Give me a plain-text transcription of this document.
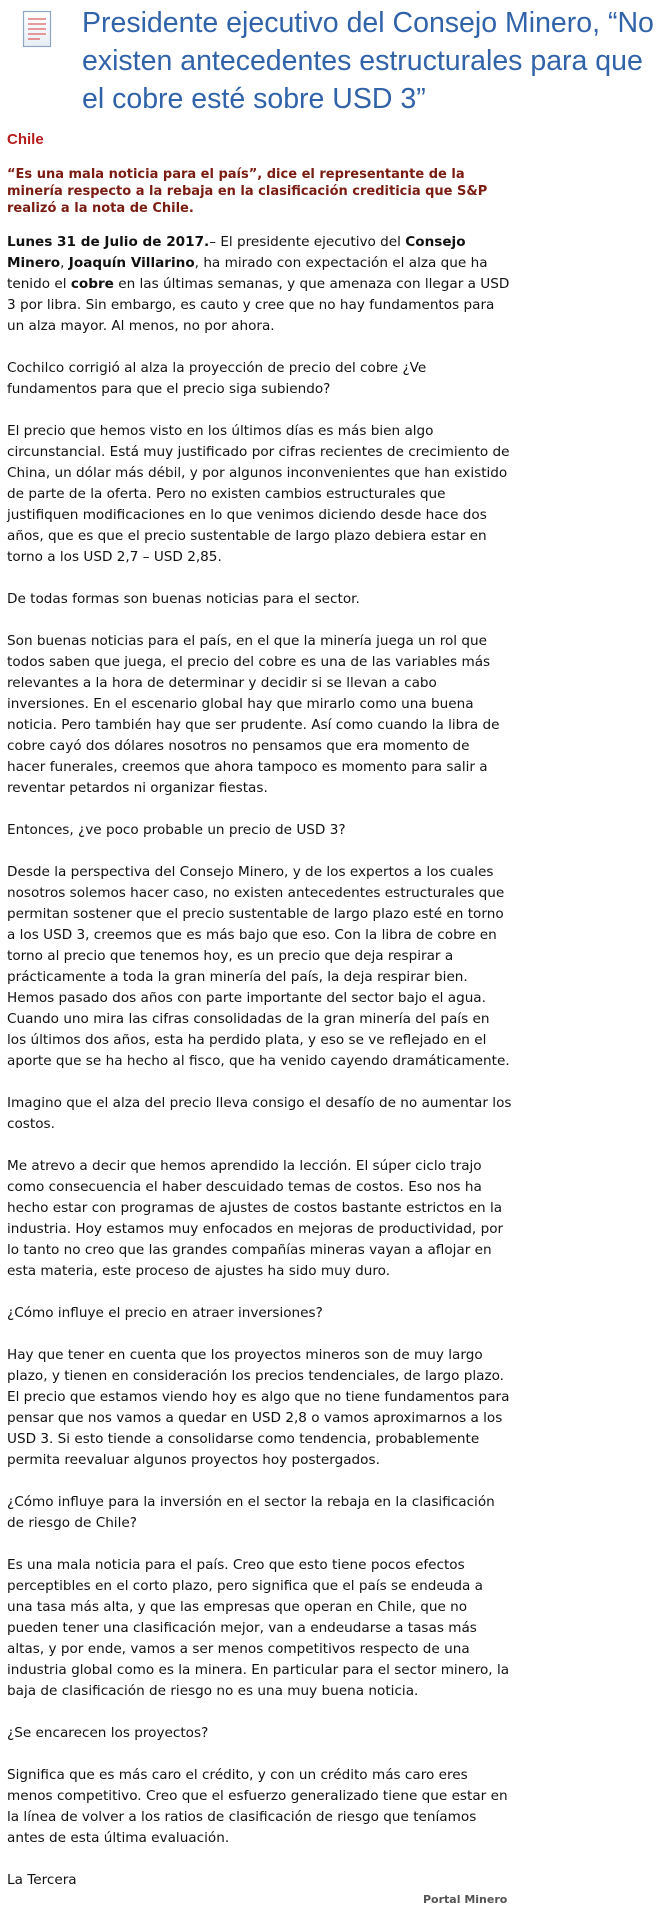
Presidente ejecutivo del Consejo Minero, “No existen antecedentes estructurales para que el cobre esté sobre USD 3”
Chile

“Es una mala noticia para el país”, dice el representante de la minería respecto a la rebaja en la clasificación crediticia que S&P realizó a la nota de Chile.

Lunes 31 de Julio de 2017.– El presidente ejecutivo del Consejo Minero, Joaquín Villarino, ha mirado con expectación el alza que ha tenido el cobre en las últimas semanas, y que amenaza con llegar a USD 3 por libra. Sin embargo, es cauto y cree que no hay fundamentos para un alza mayor. Al menos, no por ahora.

Cochilco corrigió al alza la proyección de precio del cobre ¿Ve fundamentos para que el precio siga subiendo?

El precio que hemos visto en los últimos días es más bien algo circunstancial. Está muy justificado por cifras recientes de crecimiento de China, un dólar más débil, y por algunos inconvenientes que han existido de parte de la oferta. Pero no existen cambios estructurales que justifiquen modificaciones en lo que venimos diciendo desde hace dos años, que es que el precio sustentable de largo plazo debiera estar en torno a los USD 2,7 – USD 2,85.

De todas formas son buenas noticias para el sector.

Son buenas noticias para el país, en el que la minería juega un rol que todos saben que juega, el precio del cobre es una de las variables más relevantes a la hora de determinar y decidir si se llevan a cabo inversiones. En el escenario global hay que mirarlo como una buena noticia. Pero también hay que ser prudente. Así como cuando la libra de cobre cayó dos dólares nosotros no pensamos que era momento de hacer funerales, creemos que ahora tampoco es momento para salir a reventar petardos ni organizar fiestas.

Entonces, ¿ve poco probable un precio de USD 3?

Desde la perspectiva del Consejo Minero, y de los expertos a los cuales nosotros solemos hacer caso, no existen antecedentes estructurales que permitan sostener que el precio sustentable de largo plazo esté en torno a los USD 3, creemos que es más bajo que eso. Con la libra de cobre en torno al precio que tenemos hoy, es un precio que deja respirar a prácticamente a toda la gran minería del país, la deja respirar bien. Hemos pasado dos años con parte importante del sector bajo el agua. Cuando uno mira las cifras consolidadas de la gran minería del país en los últimos dos años, esta ha perdido plata, y eso se ve reflejado en el aporte que se ha hecho al fisco, que ha venido cayendo dramáticamente.

Imagino que el alza del precio lleva consigo el desafío de no aumentar los costos.

Me atrevo a decir que hemos aprendido la lección. El súper ciclo trajo como consecuencia el haber descuidado temas de costos. Eso nos ha hecho estar con programas de ajustes de costos bastante estrictos en la industria. Hoy estamos muy enfocados en mejoras de productividad, por lo tanto no creo que las grandes compañías mineras vayan a aflojar en esta materia, este proceso de ajustes ha sido muy duro.

¿Cómo influye el precio en atraer inversiones?

Hay que tener en cuenta que los proyectos mineros son de muy largo plazo, y tienen en consideración los precios tendenciales, de largo plazo. El precio que estamos viendo hoy es algo que no tiene fundamentos para pensar que nos vamos a quedar en USD 2,8 o vamos aproximarnos a los USD 3. Si esto tiende a consolidarse como tendencia, probablemente permita reevaluar algunos proyectos hoy postergados.

¿Cómo influye para la inversión en el sector la rebaja en la clasificación de riesgo de Chile?

Es una mala noticia para el país. Creo que esto tiene pocos efectos perceptibles en el corto plazo, pero significa que el país se endeuda a una tasa más alta, y que las empresas que operan en Chile, que no pueden tener una clasificación mejor, van a endeudarse a tasas más altas, y por ende, vamos a ser menos competitivos respecto de una industria global como es la minera. En particular para el sector minero, la baja de clasificación de riesgo no es una muy buena noticia.

¿Se encarecen los proyectos?

Significa que es más caro el crédito, y con un crédito más caro eres menos competitivo. Creo que el esfuerzo generalizado tiene que estar en la línea de volver a los ratios de clasificación de riesgo que teníamos antes de esta última evaluación.

La Tercera

Portal Minero
